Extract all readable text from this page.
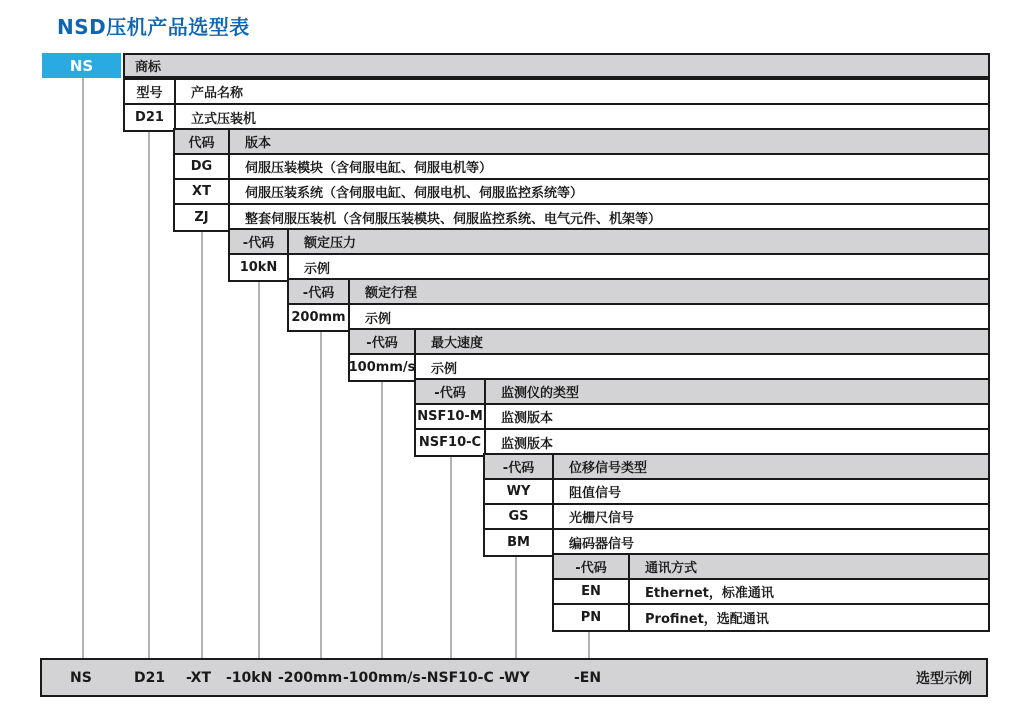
NSD压机产品选型表
NS	商标
型号	产品名称
D21	立式压装机
代码	版本
DG	伺服压装模块（含伺服电缸、伺服电机等）
XT	伺服压装系统（含伺服电缸、伺服电机、伺服监控系统等）
ZJ	整套伺服压装机（含伺服压装模块、伺服监控系统、电气元件、机架等）
-代码	额定压力
10kN	示例
-代码	额定行程
200mm	示例
-代码	最大速度
100mm/s	示例
-代码	监测仪的类型
NSF10-M	监测版本
NSF10-C	监测版本
-代码	位移信号类型
WY	阻值信号
GS	光栅尺信号
BM	编码器信号
-代码	通讯方式
EN	Ethernet，标准通讯
PN	Profinet，选配通讯
NS	D21 -XT -10kN -200mm -100mm/s -NSF10-C -WY	-EN	选型示例
